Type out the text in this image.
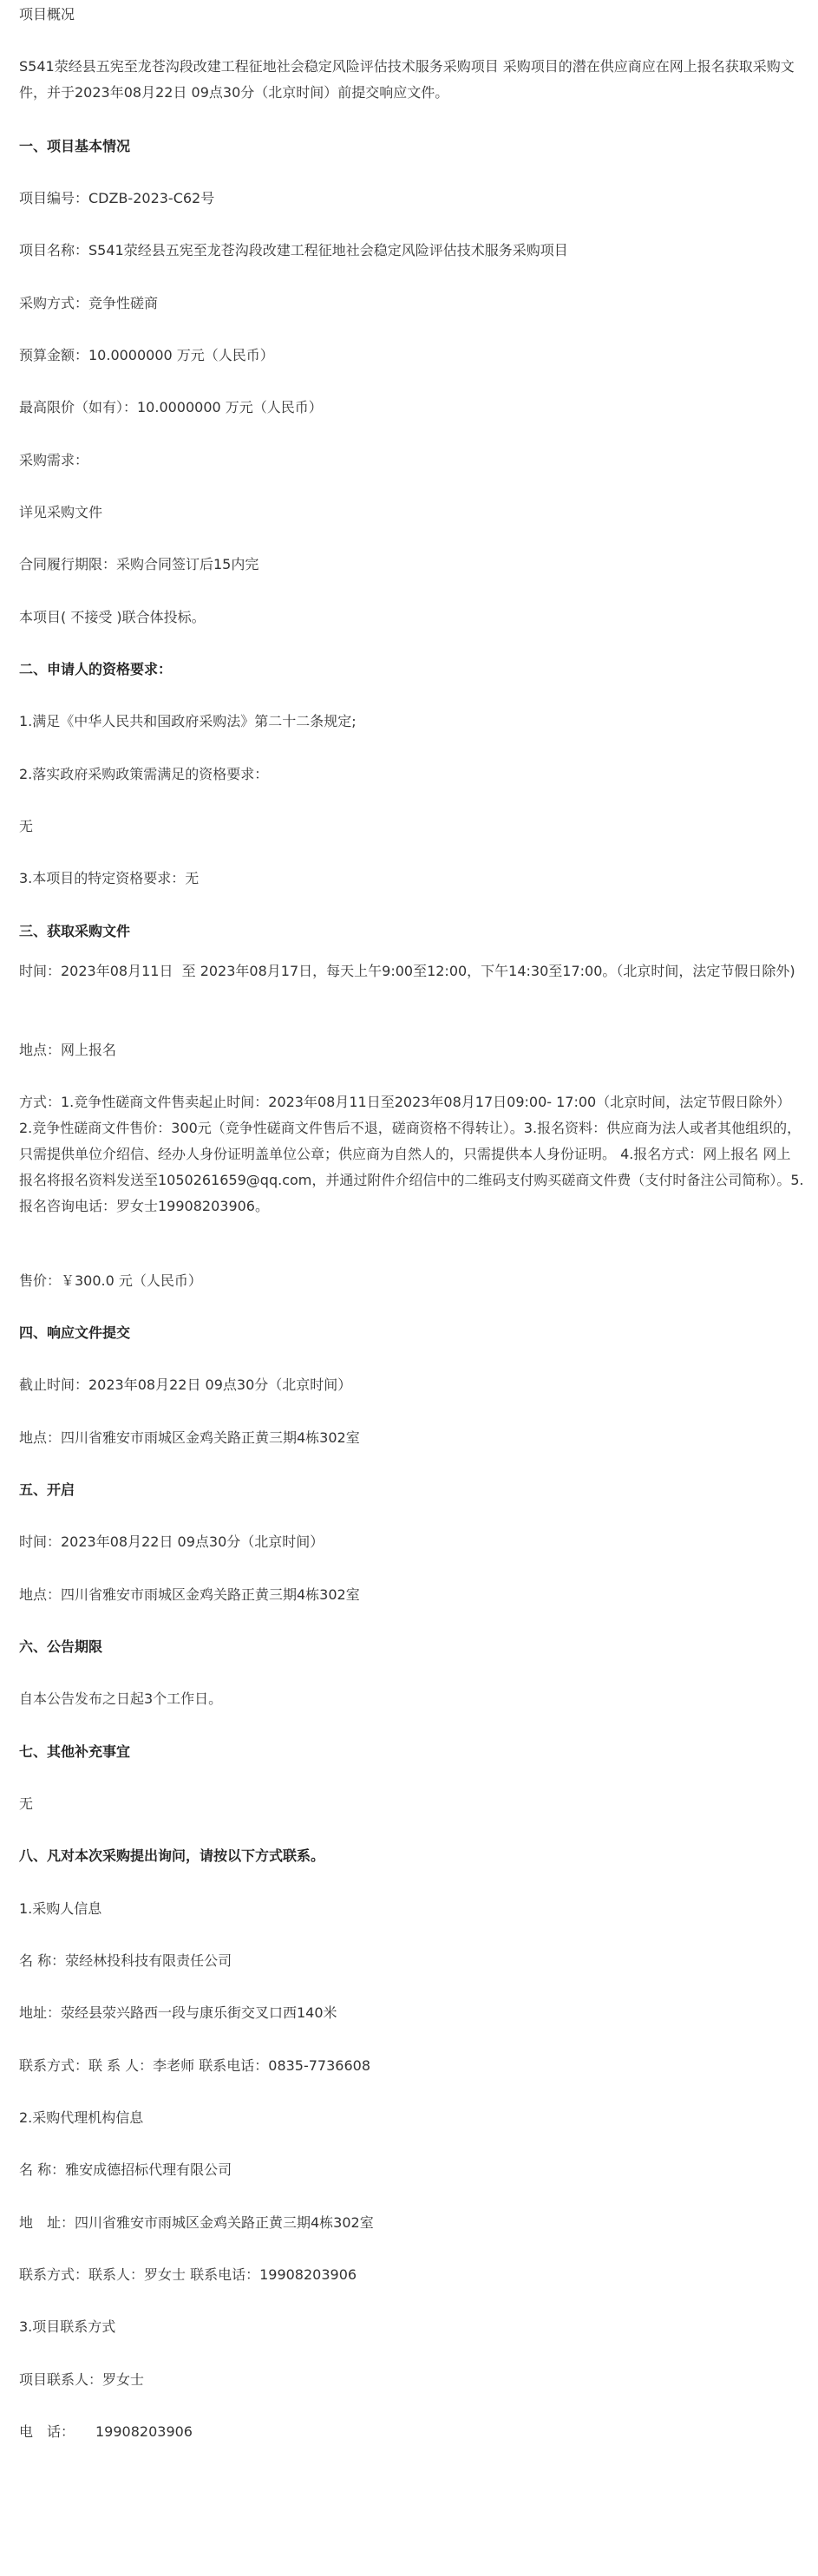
项目概况
S541荥经县五宪至龙苍沟段改建工程征地社会稳定风险评估技术服务采购项目 采购项目的潜在供应商应在网上报名获取采购文件，并于2023年08月22日 09点30分（北京时间）前提交响应文件。
一、项目基本情况
项目编号：CDZB-2023-C62号
项目名称：S541荥经县五宪至龙苍沟段改建工程征地社会稳定风险评估技术服务采购项目
采购方式：竞争性磋商
预算金额：10.0000000 万元（人民币）
最高限价（如有）：10.0000000 万元（人民币）
采购需求：
详见采购文件
合同履行期限：采购合同签订后15内完
本项目( 不接受 )联合体投标。
二、申请人的资格要求：
1.满足《中华人民共和国政府采购法》第二十二条规定;
2.落实政府采购政策需满足的资格要求：
无
3.本项目的特定资格要求：无
三、获取采购文件
时间：2023年08月11日  至 2023年08月17日，每天上午9:00至12:00，下午14:30至17:00。（北京时间，法定节假日除外)
地点：网上报名
方式：1.竞争性磋商文件售卖起止时间：2023年08月11日至2023年08月17日09:00- 17:00（北京时间，法定节假日除外） 2.竞争性磋商文件售价：300元（竞争性磋商文件售后不退，磋商资格不得转让）。3.报名资料：供应商为法人或者其他组织的，只需提供单位介绍信、经办人身份证明盖单位公章；供应商为自然人的，只需提供本人身份证明。 4.报名方式：网上报名 网上报名将报名资料发送至1050261659@qq.com，并通过附件介绍信中的二维码支付购买磋商文件费（支付时备注公司简称）。5.报名咨询电话：罗女士19908203906。
售价：￥300.0 元（人民币）
四、响应文件提交
截止时间：2023年08月22日 09点30分（北京时间）
地点：四川省雅安市雨城区金鸡关路正黄三期4栋302室
五、开启
时间：2023年08月22日 09点30分（北京时间）
地点：四川省雅安市雨城区金鸡关路正黄三期4栋302室
六、公告期限
自本公告发布之日起3个工作日。
七、其他补充事宜
无
八、凡对本次采购提出询问，请按以下方式联系。
1.采购人信息
名 称：荥经林投科技有限责任公司
地址：荥经县荥兴路西一段与康乐街交叉口西140米
联系方式：联 系 人：李老师 联系电话：0835-7736608
2.采购代理机构信息
名 称：雅安成德招标代理有限公司
地　址：四川省雅安市雨城区金鸡关路正黄三期4栋302室
联系方式：联系人：罗女士 联系电话：19908203906
3.项目联系方式
项目联系人：罗女士
电　话：　　19908203906
